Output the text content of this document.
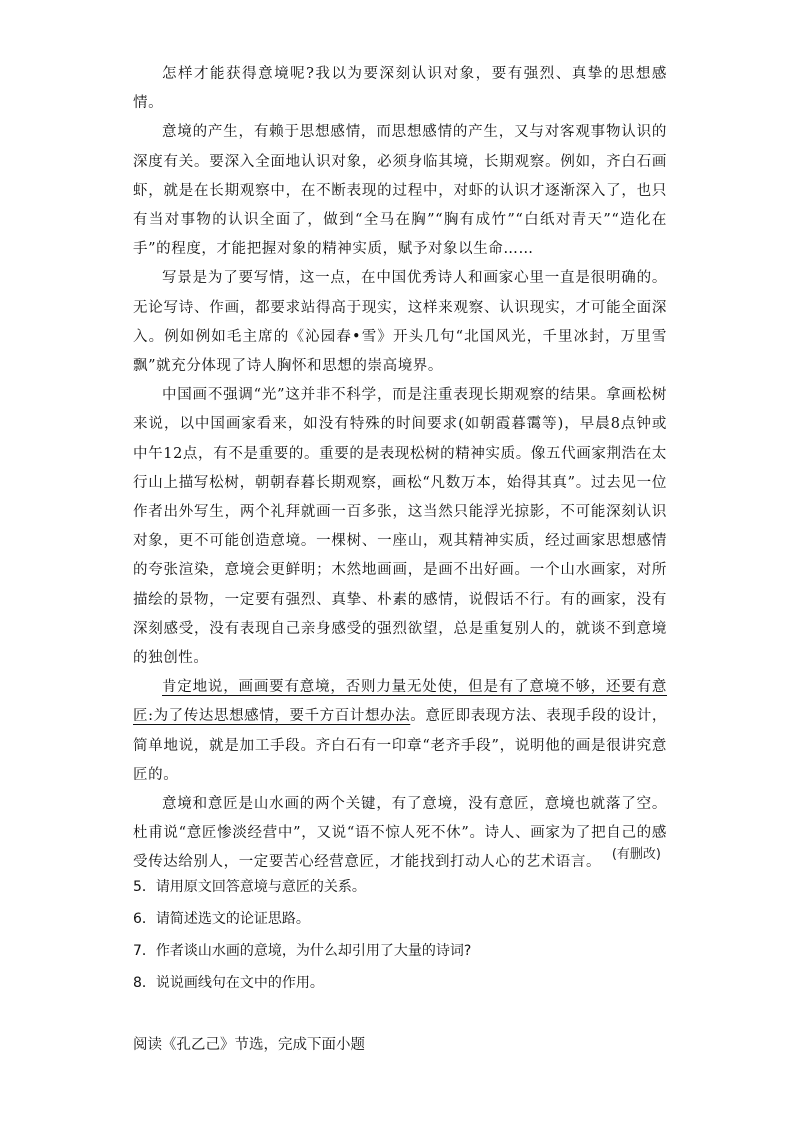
怎样才能获得意境呢?我以为要深刻认识对象，要有强烈、真挚的思想感情。

意境的产生，有赖于思想感情，而思想感情的产生，又与对客观事物认识的深度有关。要深入全面地认识对象，必须身临其境，长期观察。例如，齐白石画虾，就是在长期观察中，在不断表现的过程中，对虾的认识才逐渐深入了，也只有当对事物的认识全面了，做到“全马在胸”“胸有成竹”“白纸对青天”“造化在手”的程度，才能把握对象的精神实质，赋予对象以生命……

写景是为了要写情，这一点，在中国优秀诗人和画家心里一直是很明确的。无论写诗、作画，都要求站得高于现实，这样来观察、认识现实，才可能全面深入。例如例如毛主席的《沁园春•雪》开头几句“北国风光，千里冰封，万里雪飘”就充分体现了诗人胸怀和思想的崇高境界。

中国画不强调“光”这并非不科学，而是注重表现长期观察的结果。拿画松树来说，以中国画家看来，如没有特殊的时间要求(如朝霞暮霭等)，早晨8点钟或中午12点，有不是重要的。重要的是表现松树的精神实质。像五代画家荆浩在太行山上描写松树，朝朝春暮长期观察，画松“凡数万本，始得其真”。过去见一位作者出外写生，两个礼拜就画一百多张，这当然只能浮光掠影，不可能深刻认识对象，更不可能创造意境。一棵树、一座山，观其精神实质，经过画家思想感情的夸张渲染，意境会更鲜明；木然地画画，是画不出好画。一个山水画家，对所描绘的景物，一定要有强烈、真挚、朴素的感情，说假话不行。有的画家，没有深刻感受，没有表现自己亲身感受的强烈欲望，总是重复别人的，就谈不到意境的独创性。

肯定地说，画画要有意境，否则力量无处使，但是有了意境不够，还要有意匠:为了传达思想感情，要千方百计想办法。意匠即表现方法、表现手段的设计，简单地说，就是加工手段。齐白石有一印章“老齐手段”，说明他的画是很讲究意匠的。

意境和意匠是山水画的两个关键，有了意境，没有意匠，意境也就落了空。杜甫说“意匠惨淡经营中”，又说“语不惊人死不休”。诗人、画家为了把自己的感受传达给别人，一定要苦心经营意匠，才能找到打动人心的艺术语言。 (有删改)
5．请用原文回答意境与意匠的关系。
6．请简述选文的论证思路。
7．作者谈山水画的意境，为什么却引用了大量的诗词?
8．说说画线句在文中的作用。
阅读《孔乙己》节选，完成下面小题
